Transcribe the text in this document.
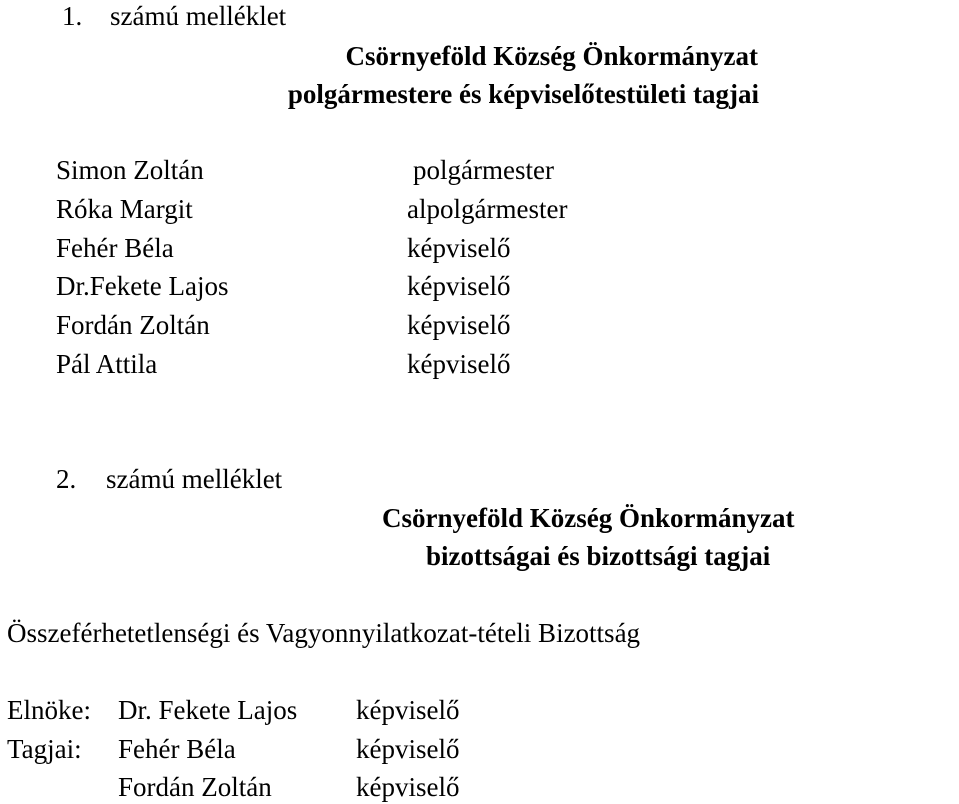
1. számú melléklet
Csörnyeföld Község Önkormányzat
polgármestere és képviselőtestületi tagjai
Simon Zoltán	polgármester
Róka Margit	alpolgármester
Fehér Béla	képviselő
Dr.Fekete Lajos	képviselő
Fordán Zoltán	képviselő
Pál Attila	képviselő
2. számú melléklet
Csörnyeföld Község Önkormányzat
bizottságai és bizottsági tagjai
Összeférhetetlenségi és Vagyonnyilatkozat-tételi Bizottság
Elnöke: Dr. Fekete Lajos képviselő
Tagjai: Fehér Béla	képviselő
Fordán Zoltán	képviselő
